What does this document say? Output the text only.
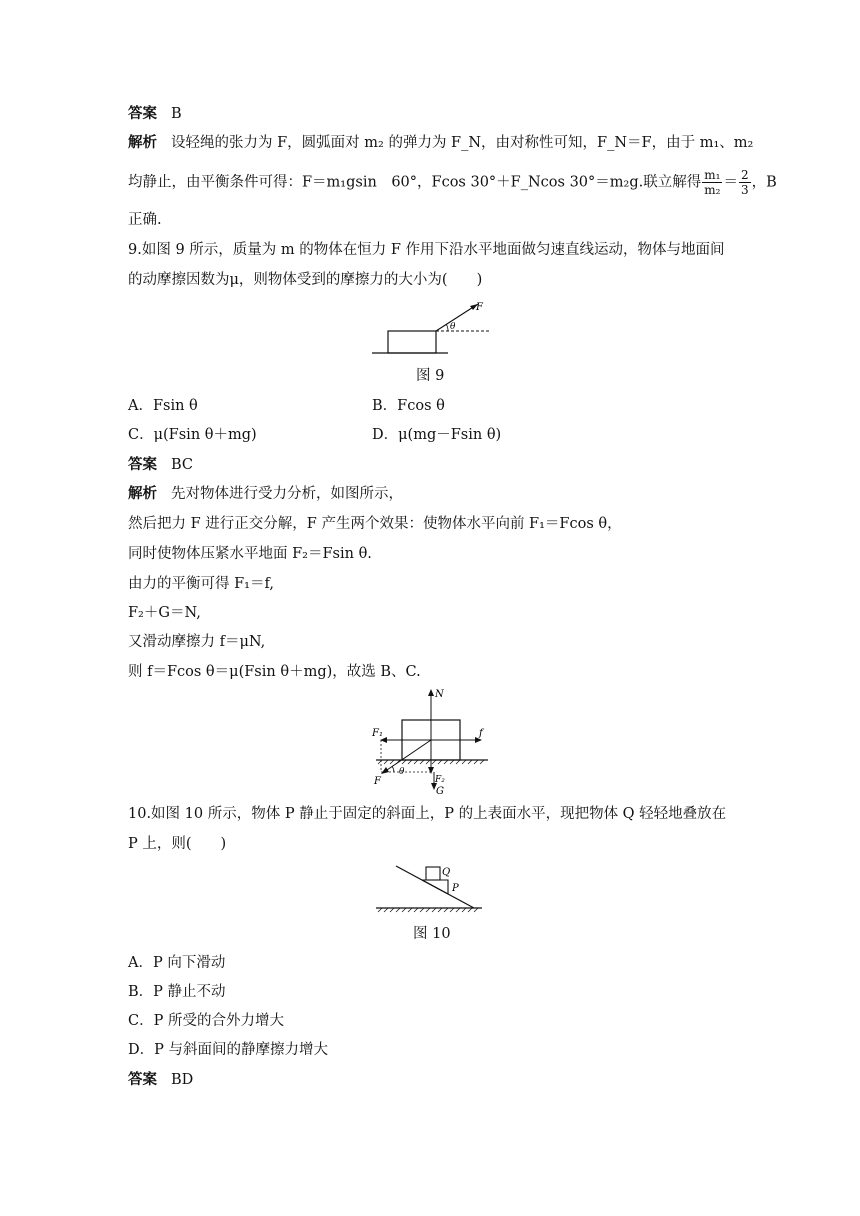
答案 B
解析 设轻绳的张力为 F，圆弧面对 m₂ 的弹力为 F_N，由对称性可知，F_N＝F，由于 m₁、m₂
均静止，由平衡条件可得：F＝m₁gsin　60°，Fcos 30°＋F_Ncos 30°＝m₂g.联立解得 $\frac{\text{m₁}}{\text{m₂}} = \frac{2}{3}$ ，B
正确.
9.如图 9 所示，质量为 m 的物体在恒力 F 作用下沿水平地面做匀速直线运动，物体与地面间
的动摩擦因数为μ，则物体受到的摩擦力的大小为(　　)
F
θ
图 9
A．Fsin θ	B．Fcos θ
C．μ(Fsin θ＋mg)	D．μ(mg－Fsin θ)
答案 BC
解析 先对物体进行受力分析，如图所示，
然后把力 F 进行正交分解，F 产生两个效果：使物体水平向前 F₁＝Fcos θ，
同时使物体压紧水平地面 F₂＝Fsin θ.
由力的平衡可得 F₁＝f,
F₂＋G＝N,
又滑动摩擦力 f＝μN,
则 f＝Fcos θ＝μ(Fsin θ＋mg)，故选 B、C.
N
F₁	f
θ
F₂
F
G
10.如图 10 所示，物体 P 静止于固定的斜面上，P 的上表面水平，现把物体 Q 轻轻地叠放在
P 上，则(　　)
Q
P
图 10
A．P 向下滑动
B．P 静止不动
C．P 所受的合外力增大
D．P 与斜面间的静摩擦力增大
答案 BD
